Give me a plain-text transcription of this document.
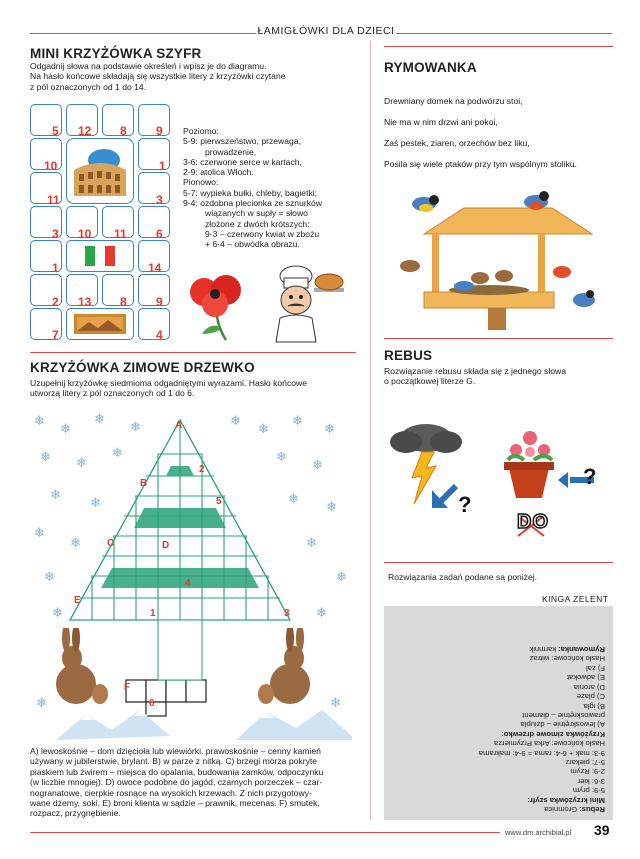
ŁAMIGŁÓWKI DLA DZIECI
MINI KRZYŻÓWKA SZYFR
Odgadnij słowa na podstawie określeń i wpisz je do diagramu.
Na hasło końcowe składają się wszystkie litery z krzyżówki czytane
z pól oznaczonych od 1 do 14.
5 12 8 9
10	1
11	3
3 10 11 6
1	14
2 13 8 9
7	4
Poziomo:
5-9: pierwszeństwo, przewaga,
prowadzenie,
3-6: czerwone serce w kartach,
2-9: atolica Włoch.
Pionowo:
5-7: wypieka bułki, chleby, bagietki;
9-4: ozdobna plecionka ze sznurków
wiązanych w supły = słowo
złożone z dwóch krótszych:
9-3 – czerwony kwiat w zbożu
+ 6-4 – obwódka obrazu.
RYMOWANKA

Drewniany domek na podwórzu stoi,

Nie ma w nim drzwi ani pokoi,

Zaś pestek, ziaren, orzechów bez liku,

Posila się wiele ptaków przy tym wspólnym stoliku.

REBUS
Rozwiązanie rebusu składa się z jednego słowa
o początkowej literze G.
?
?
DO
Rozwiązania zadań podane są poniżej.
KINGA ZELENT
Rebus: Gromnica
Mini krzyżówka szyfr:
5-9: prym
3-6: kier
2-9: Rzym
5-7: piekarz
9-3: mak + 6-4: rama = 9-4: makrama
Hasło końcowe: Arka Przymierza
Krzyżówka zimowe drzewko:
A) lewoskrętnie – dziupla
prawoskrętnie – diament
B) igła
C) plaże
D) aronia
E) adwokat
F) żal
Hasło końcowe: witraż
Rymowanka: karmnik
KRZYŻÓWKA ZIMOWE DRZEWKO
Uzupełnij krzyżówkę siedmioma odgadniętymi wyrazami. Hasło końcowe
utworzą litery z pól oznaczonych od 1 do 6.
❄
❄
❄
❄
❄ ❄
❄
❄
❄
❄
❄
❄
❄
❄
❄
❄
❄
❄
❄
❄
❄
❄
❄
❄
❄
❄
A
2
B
5
C	D
4
E
1	3
F
6
A) lewoskośnie – dom dzięcioła lub wiewiórki. prawoskośnie – cenny kamień
używany w jubilerstwie, brylant. B) w parze z nitką. C) brzegi morza pokryte
piaskiem lub żwirem – miejsca do opalania, budowania zamków, odpoczynku
(w liczbie mnogiej). D) owoce podobne do jagód, czarnych porzeczek – czar-
nogranatowe, cierpkie rosnące na wysokich krzewach. Z nich przygotowy-
wane dżemy, soki. E) broni klienta w sądzie – prawnik, mecenas. F) smutek,
rozpacz, przygnębienie.
www.dm.archibial.pl 39
